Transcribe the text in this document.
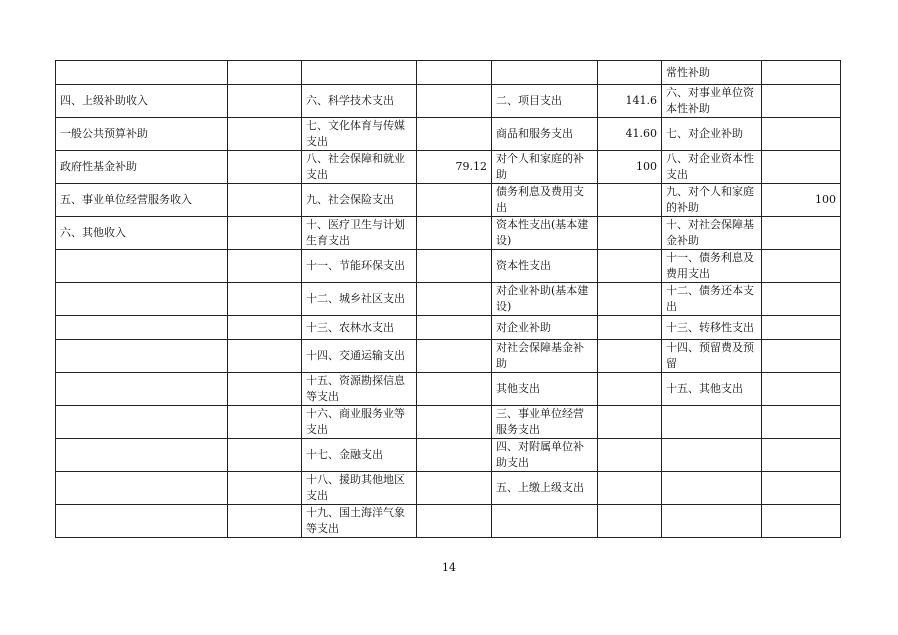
						常性补助	
四、上级补助收入		六、科学技术支出		二、项目支出	141.6	六、对事业单位资本性补助	
一般公共预算补助		七、文化体育与传媒支出		商品和服务支出	41.60	七、对企业补助	
政府性基金补助		八、社会保障和就业支出	79.12	对个人和家庭的补助	100	八、对企业资本性支出	
五、事业单位经营服务收入		九、社会保险支出		债务利息及费用支出		九、对个人和家庭的补助	100
六、其他收入		十、医疗卫生与计划生育支出		资本性支出(基本建设)		十、对社会保障基金补助	
		十一、节能环保支出		资本性支出		十一、债务利息及费用支出	
		十二、城乡社区支出		对企业补助(基本建设)		十二、债务还本支出	
		十三、农林水支出		对企业补助		十三、转移性支出	
		十四、交通运输支出		对社会保障基金补助		十四、预留费及预留	
		十五、资源勘探信息等支出		其他支出		十五、其他支出	
		十六、商业服务业等支出		三、事业单位经营服务支出			
		十七、金融支出		四、对附属单位补助支出			
		十八、援助其他地区支出		五、上缴上级支出			
		十九、国土海洋气象等支出					
14
